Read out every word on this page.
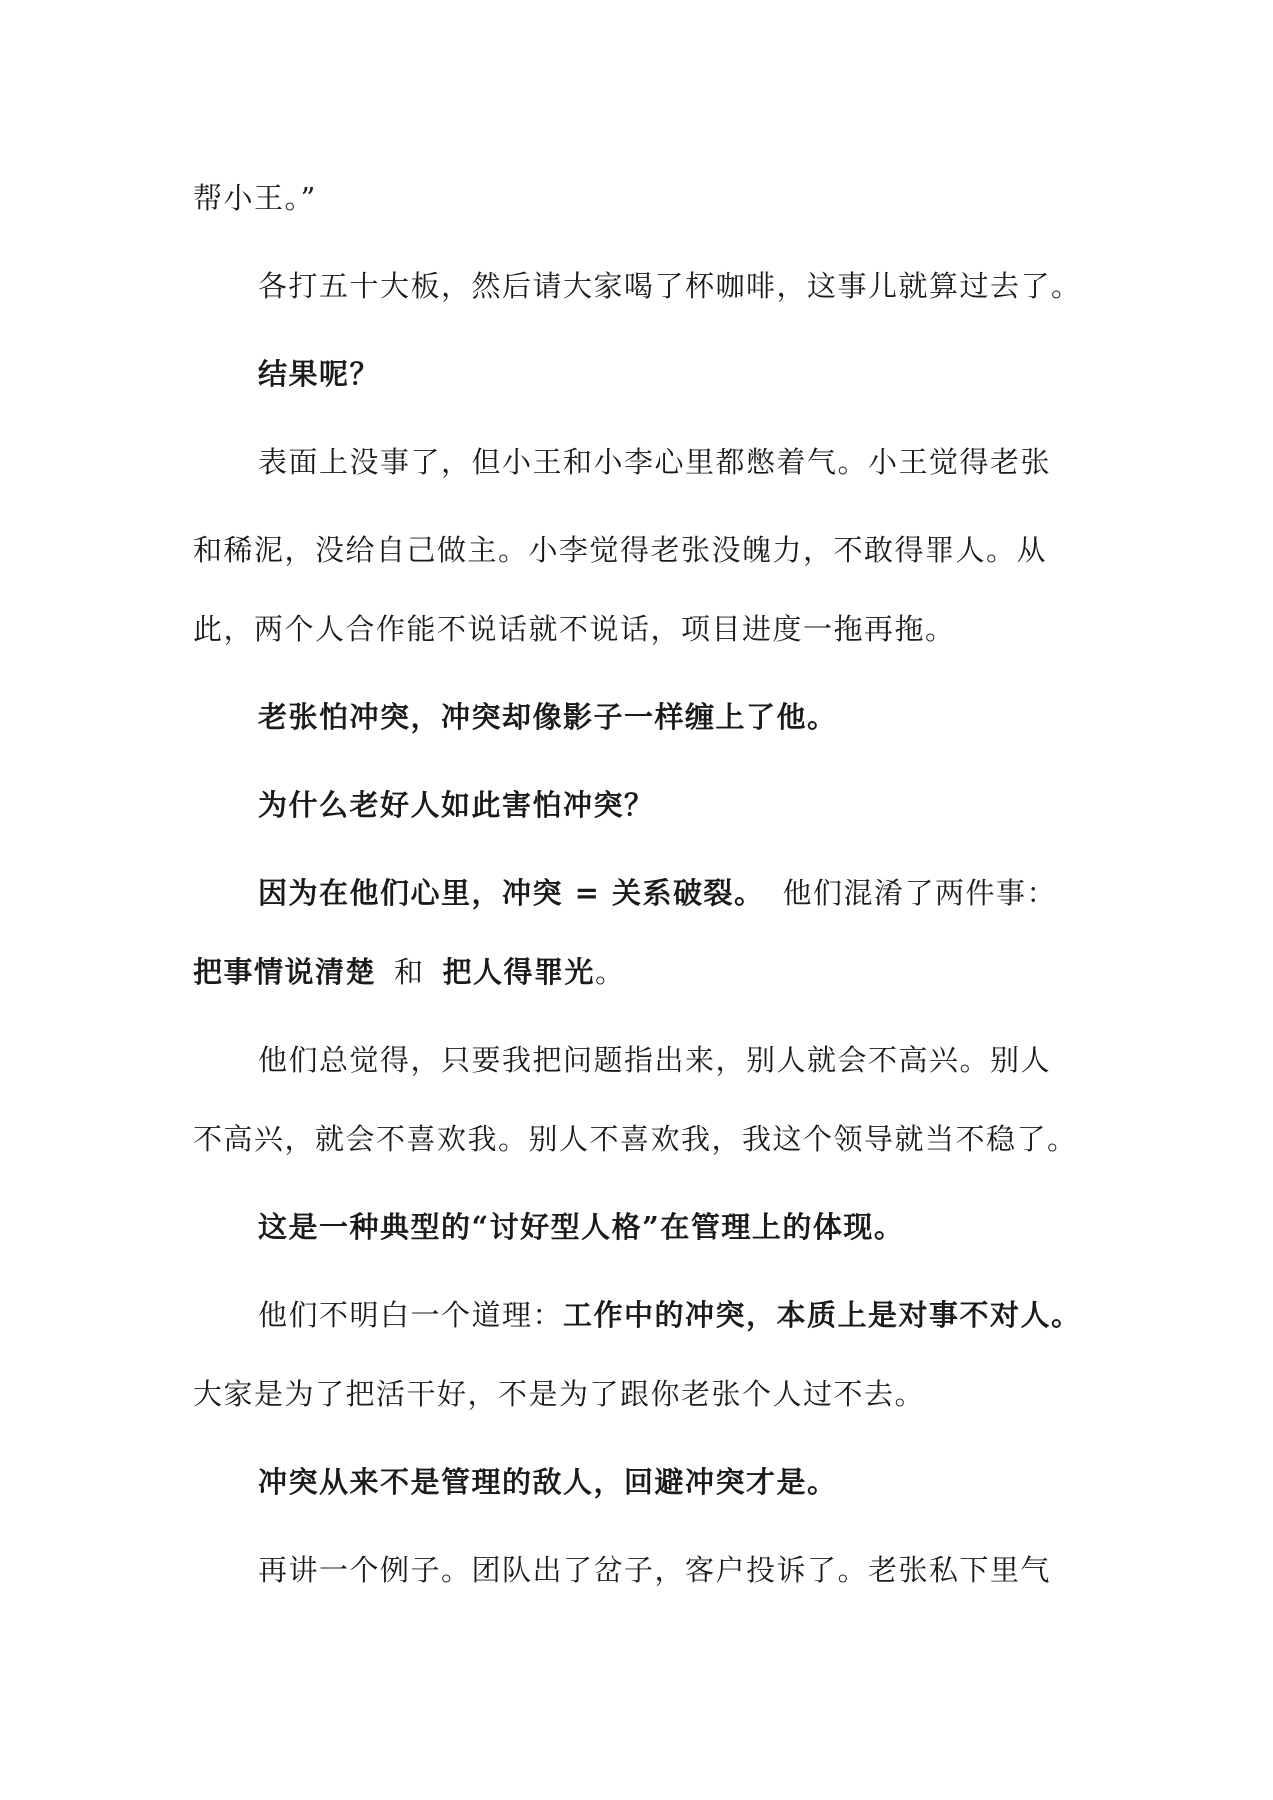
帮小王。”
各打五十大板，然后请大家喝了杯咖啡，这事儿就算过去了。
结果呢？
表面上没事了，但小王和小李心里都憋着气。小王觉得老张
和稀泥，没给自己做主。小李觉得老张没魄力，不敢得罪人。从
此，两个人合作能不说话就不说话，项目进度一拖再拖。
老张怕冲突，冲突却像影子一样缠上了他。
为什么老好人如此害怕冲突？
因为在他们心里，冲突 = 关系破裂。 他们混淆了两件事：
把事情说清楚 和 把人得罪光。
他们总觉得，只要我把问题指出来，别人就会不高兴。别人
不高兴，就会不喜欢我。别人不喜欢我，我这个领导就当不稳了。
这是一种典型的“讨好型人格”在管理上的体现。
他们不明白一个道理：工作中的冲突，本质上是对事不对人。
大家是为了把活干好，不是为了跟你老张个人过不去。
冲突从来不是管理的敌人，回避冲突才是。
再讲一个例子。团队出了岔子，客户投诉了。老张私下里气
